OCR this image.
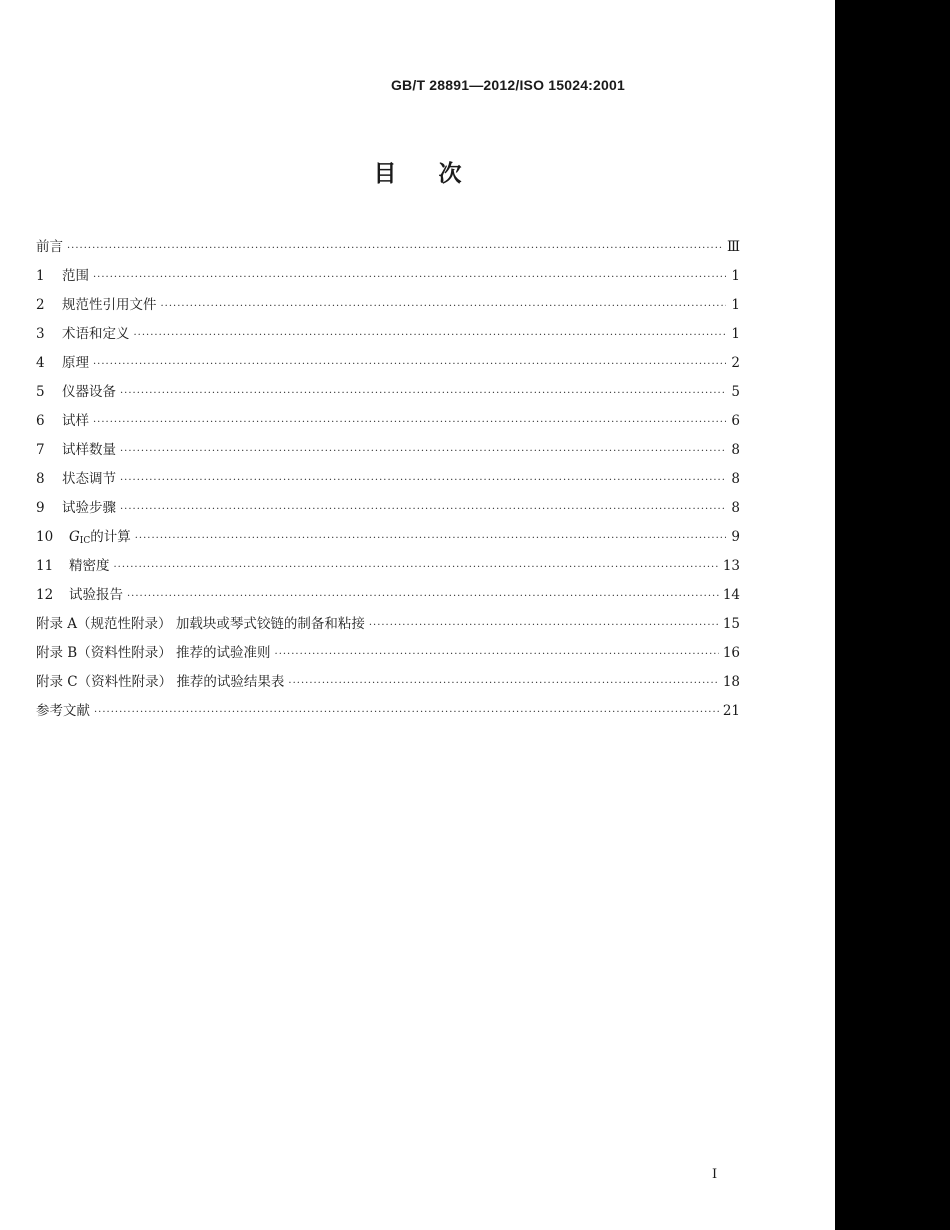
GB/T 28891—2012/ISO 15024:2001
目次
前言 ·····	Ⅲ
1	范围 ·····	1
2	规范性引用文件 ·····	1
3	术语和定义 ·····	1
4	原理 ·····	2
5	仪器设备 ·····	5
6	试样 ·····	6
7	试样数量 ·····	8
8	状态调节 ·····	8
9	试验步骤 ·····	8
10	$G_{IC}$的计算 ·····	9
11	精密度 ·····	13
12	试验报告 ·····	14
附录 A（规范性附录） 加载块或琴式铰链的制备和粘接 ·····	15
附录 B（资料性附录） 推荐的试验准则 ·····	16
附录 C（资料性附录） 推荐的试验结果表 ·····	18
参考文献 ·····	21
I
